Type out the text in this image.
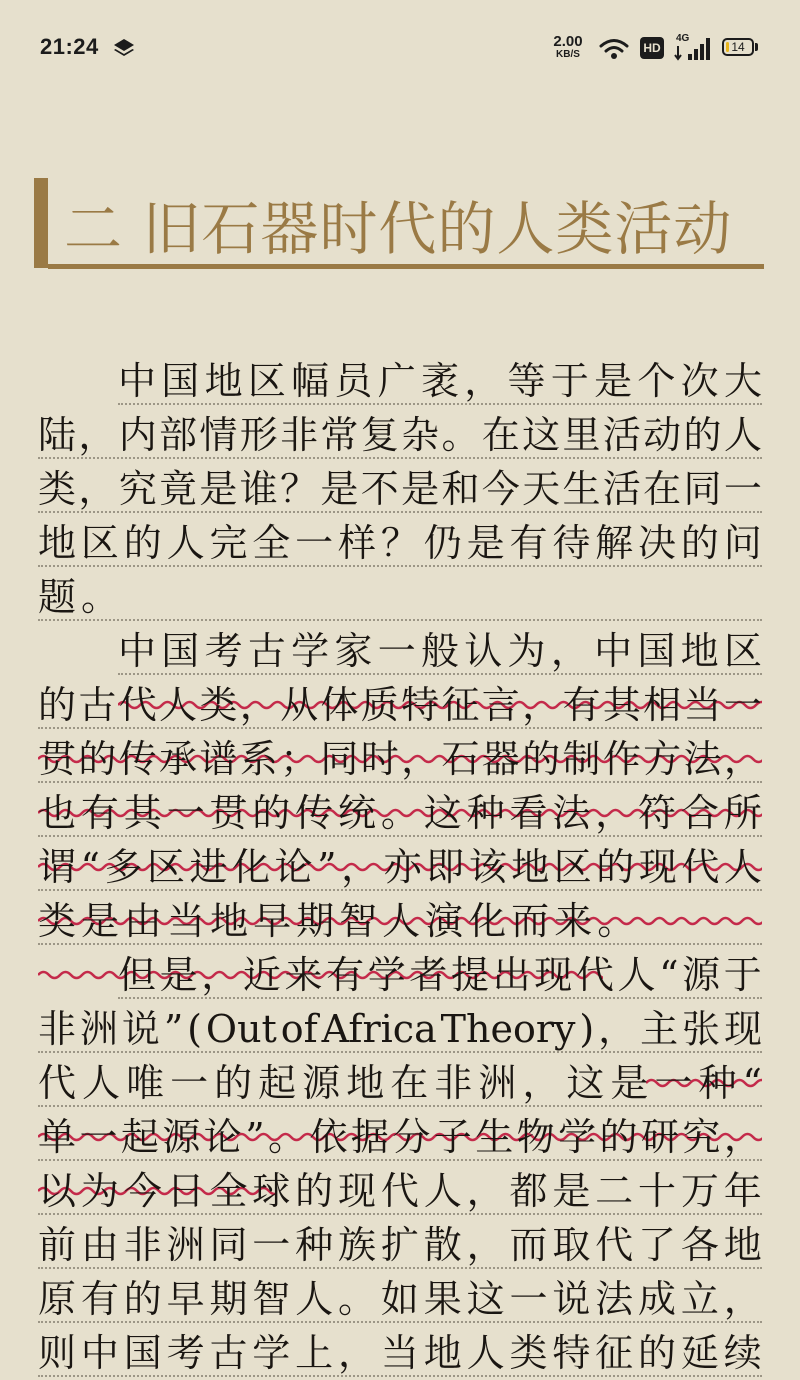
21:24	2.00
KB/S	HD
4G
14
二 旧石器时代的人类活动
中 国 地 区 幅 员 广 袤 ， 等 于 是 个 次 大
陆 ， 内 部 情 形 非 常 复 杂 。 在 这 里 活 动 的 人
类 ， 究 竟 是 谁 ？ 是 不 是 和 今 天 生 活 在 同 一
地 区 的 人 完 全 一 样 ？ 仍 是 有 待 解 决 的 问
题 。
中 国 考 古 学 家 一 般 认 为 ， 中 国 地 区
的 古 代 人 类 ， 从 体 质 特 征 言 ， 有 其 相 当 一
贯 的 传 承 谱 系 ； 同 时 ， 石 器 的 制 作 方 法 ，
也 有 其 一 贯 的 传 统 。 这 种 看 法 ， 符 合 所
谓 “ 多 区 进 化 论 ” ， 亦 即 该 地 区 的 现 代 人
类 是 由 当 地 早 期 智 人 演 化 而 来 。
但 是 ， 近 来 有 学 者 提 出 现 代 人 “ 源 于
非 洲 说 ” ( Out of Africa Theory ) ， 主 张 现
代 人 唯 一 的 起 源 地 在 非 洲 ， 这 是 一 种 “
单 一 起 源 论 ” 。 依 据 分 子 生 物 学 的 研 究 ，
以 为 今 日 全 球 的 现 代 人 ， 都 是 二 十 万 年
前 由 非 洲 同 一 种 族 扩 散 ， 而 取 代 了 各 地
原 有 的 早 期 智 人 。 如 果 这 一 说 法 成 立 ，
则 中 国 考 古 学 上 ， 当 地 人 类 特 征 的 延 续
